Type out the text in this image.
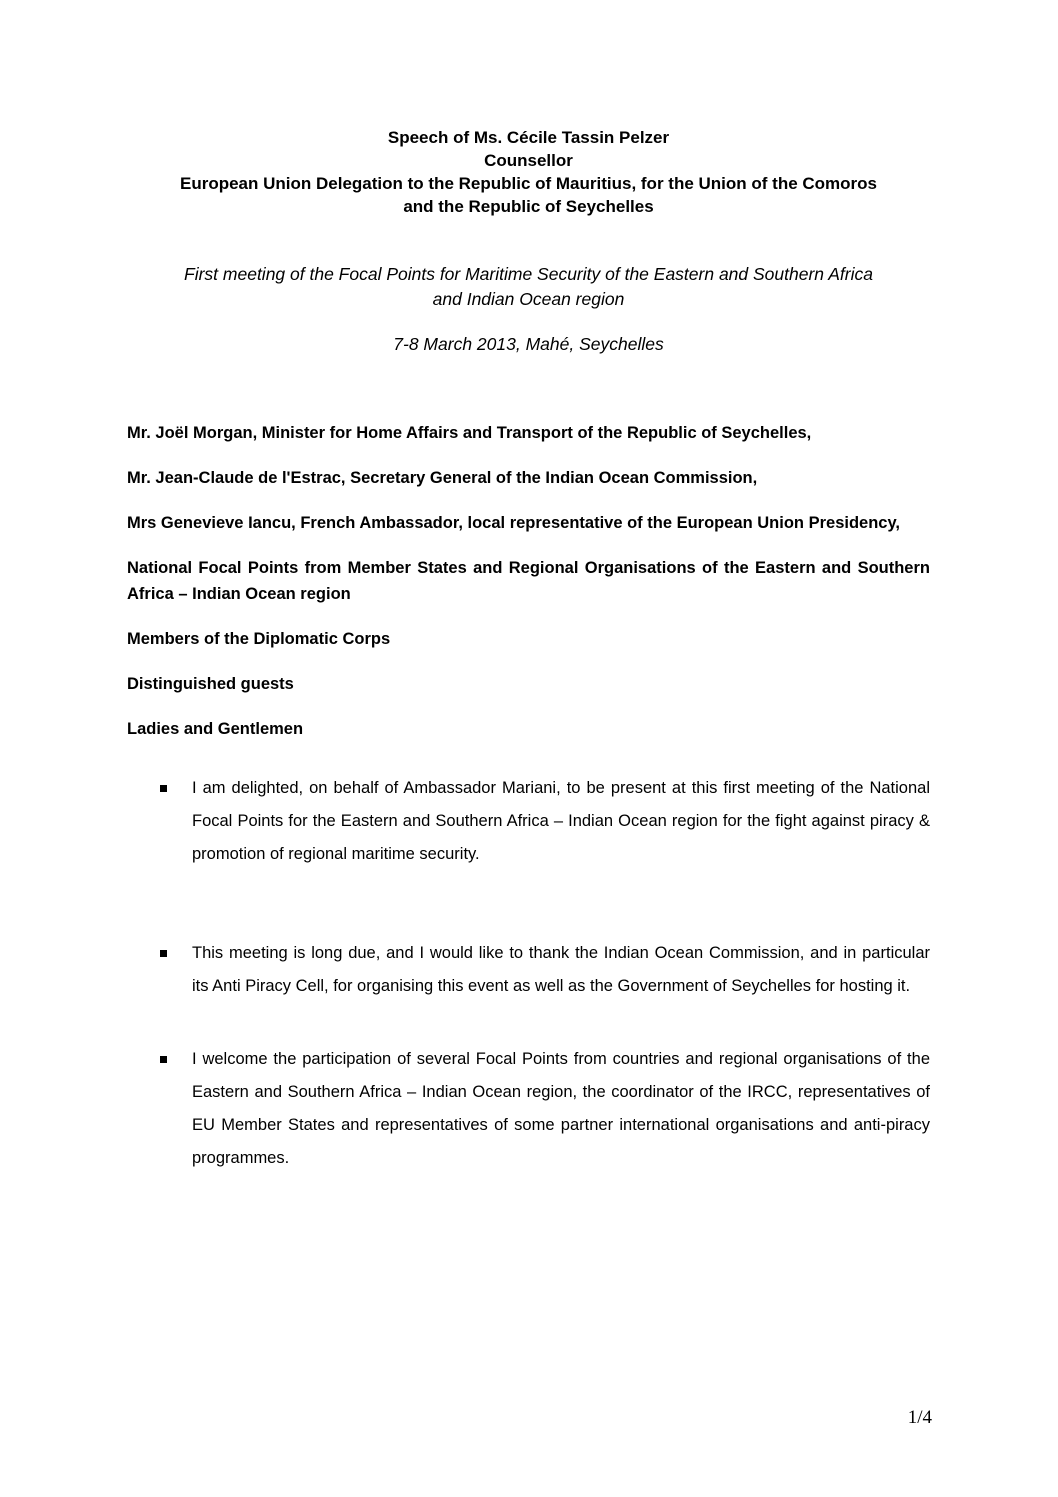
Speech of Ms. Cécile Tassin Pelzer
Counsellor
European Union Delegation to the Republic of Mauritius, for the Union of the Comoros
and the Republic of Seychelles
First meeting of the Focal Points for Maritime Security of the Eastern and Southern Africa
and Indian Ocean region
7-8 March 2013, Mahé, Seychelles

Mr. Joël Morgan, Minister for Home Affairs and Transport of the Republic of Seychelles,

Mr. Jean-Claude de l'Estrac, Secretary General of the Indian Ocean Commission,

Mrs Genevieve Iancu, French Ambassador, local representative of the European Union Presidency,

National Focal Points from Member States and Regional Organisations of the Eastern and Southern Africa – Indian Ocean region

Members of the Diplomatic Corps

Distinguished guests

Ladies and Gentlemen

I am delighted, on behalf of Ambassador Mariani, to be present at this first meeting of the National Focal Points for the Eastern and Southern Africa – Indian Ocean region for the fight against piracy & promotion of regional maritime security.
This meeting is long due, and I would like to thank the Indian Ocean Commission, and in particular its Anti Piracy Cell, for organising this event as well as the Government of Seychelles for hosting it.
I welcome the participation of several Focal Points from countries and regional organisations of the Eastern and Southern Africa – Indian Ocean region, the coordinator of the IRCC, representatives of EU Member States and representatives of some partner international organisations and anti-piracy programmes.
1/4
